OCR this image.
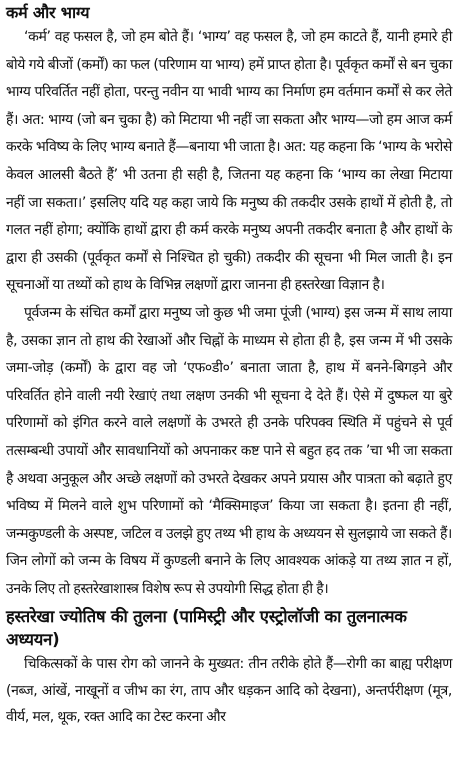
कर्म और भाग्य

‘कर्म’ वह फसल है, जो हम बोते हैं। ‘भाग्य’ वह फसल है, जो हम काटते हैं, यानी हमारे ही बोये गये बीजों (कर्मों) का फल (परिणाम या भाग्य) हमें प्राप्त होता है। पूर्वकृत कर्मों से बन चुका भाग्य परिवर्तित नहीं होता, परन्तु नवीन या भावी भाग्य का निर्माण हम वर्तमान कर्मों से कर लेते हैं। अत: भाग्य (जो बन चुका है) को मिटाया भी नहीं जा सकता और भाग्य—जो हम आज कर्म करके भविष्य के लिए भाग्य बनाते हैं—बनाया भी जाता है। अत: यह कहना कि ‘भाग्य के भरोसे केवल आलसी बैठते हैं’ भी उतना ही सही है, जितना यह कहना कि ‘भाग्य का लेखा मिटाया नहीं जा सकता।’ इसलिए यदि यह कहा जाये कि मनुष्य की तकदीर उसके हाथों में होती है, तो गलत नहीं होगा; क्योंकि हाथों द्वारा ही कर्म करके मनुष्य अपनी तकदीर बनाता है और हाथों के द्वारा ही उसकी (पूर्वकृत कर्मों से निश्चित हो चुकी) तकदीर की सूचना भी मिल जाती है। इन सूचनाओं या तथ्यों को हाथ के विभिन्न लक्षणों द्वारा जानना ही हस्तरेखा विज्ञान है।

पूर्वजन्म के संचित कर्मों द्वारा मनुष्य जो कुछ भी जमा पूंजी (भाग्य) इस जन्म में साथ लाया है, उसका ज्ञान तो हाथ की रेखाओं और चिह्नों के माध्यम से होता ही है, इस जन्म में भी उसके जमा-जोड़ (कर्मों) के द्वारा वह जो ‘एफ०डी०’ बनाता जाता है, हाथ में बनने-बिगड़ने और परिवर्तित होने वाली नयी रेखाएं तथा लक्षण उनकी भी सूचना दे देते हैं। ऐसे में दुष्फल या बुरे परिणामों को इंगित करने वाले लक्षणों के उभरते ही उनके परिपक्व स्थिति में पहुंचने से पूर्व तत्सम्बन्धी उपायों और सावधानियों को अपनाकर कष्ट पाने से बहुत हद तक ’चा भी जा सकता है अथवा अनुकूल और अच्छे लक्षणों को उभरते देखकर अपने प्रयास और पात्रता को बढ़ाते हुए भविष्य में मिलने वाले शुभ परिणामों को ‘मैक्सिमाइज’ किया जा सकता है। इतना ही नहीं, जन्मकुण्डली के अस्पष्ट, जटिल व उलझे हुए तथ्य भी हाथ के अध्ययन से सुलझाये जा सकते हैं। जिन लोगों को जन्म के विषय में कुण्डली बनाने के लिए आवश्यक आंकड़े या तथ्य ज्ञात न हों, उनके लिए तो हस्तरेखाशास्त्र विशेष रूप से उपयोगी सिद्ध होता ही है।

हस्तरेखा ज्योतिष की तुलना (पामिस्ट्री और एस्ट्रोलॉजी का तुलनात्मक अध्ययन)

चिकित्सकों के पास रोग को जानने के मुख्यत: तीन तरीके होते हैं—रोगी का बाह्य परीक्षण (नब्ज, आंखें, नाखूनों व जीभ का रंग, ताप और धड़कन आदि को देखना), अन्तर्परीक्षण (मूत्र, वीर्य, मल, थूक, रक्त आदि का टेस्ट करना और
